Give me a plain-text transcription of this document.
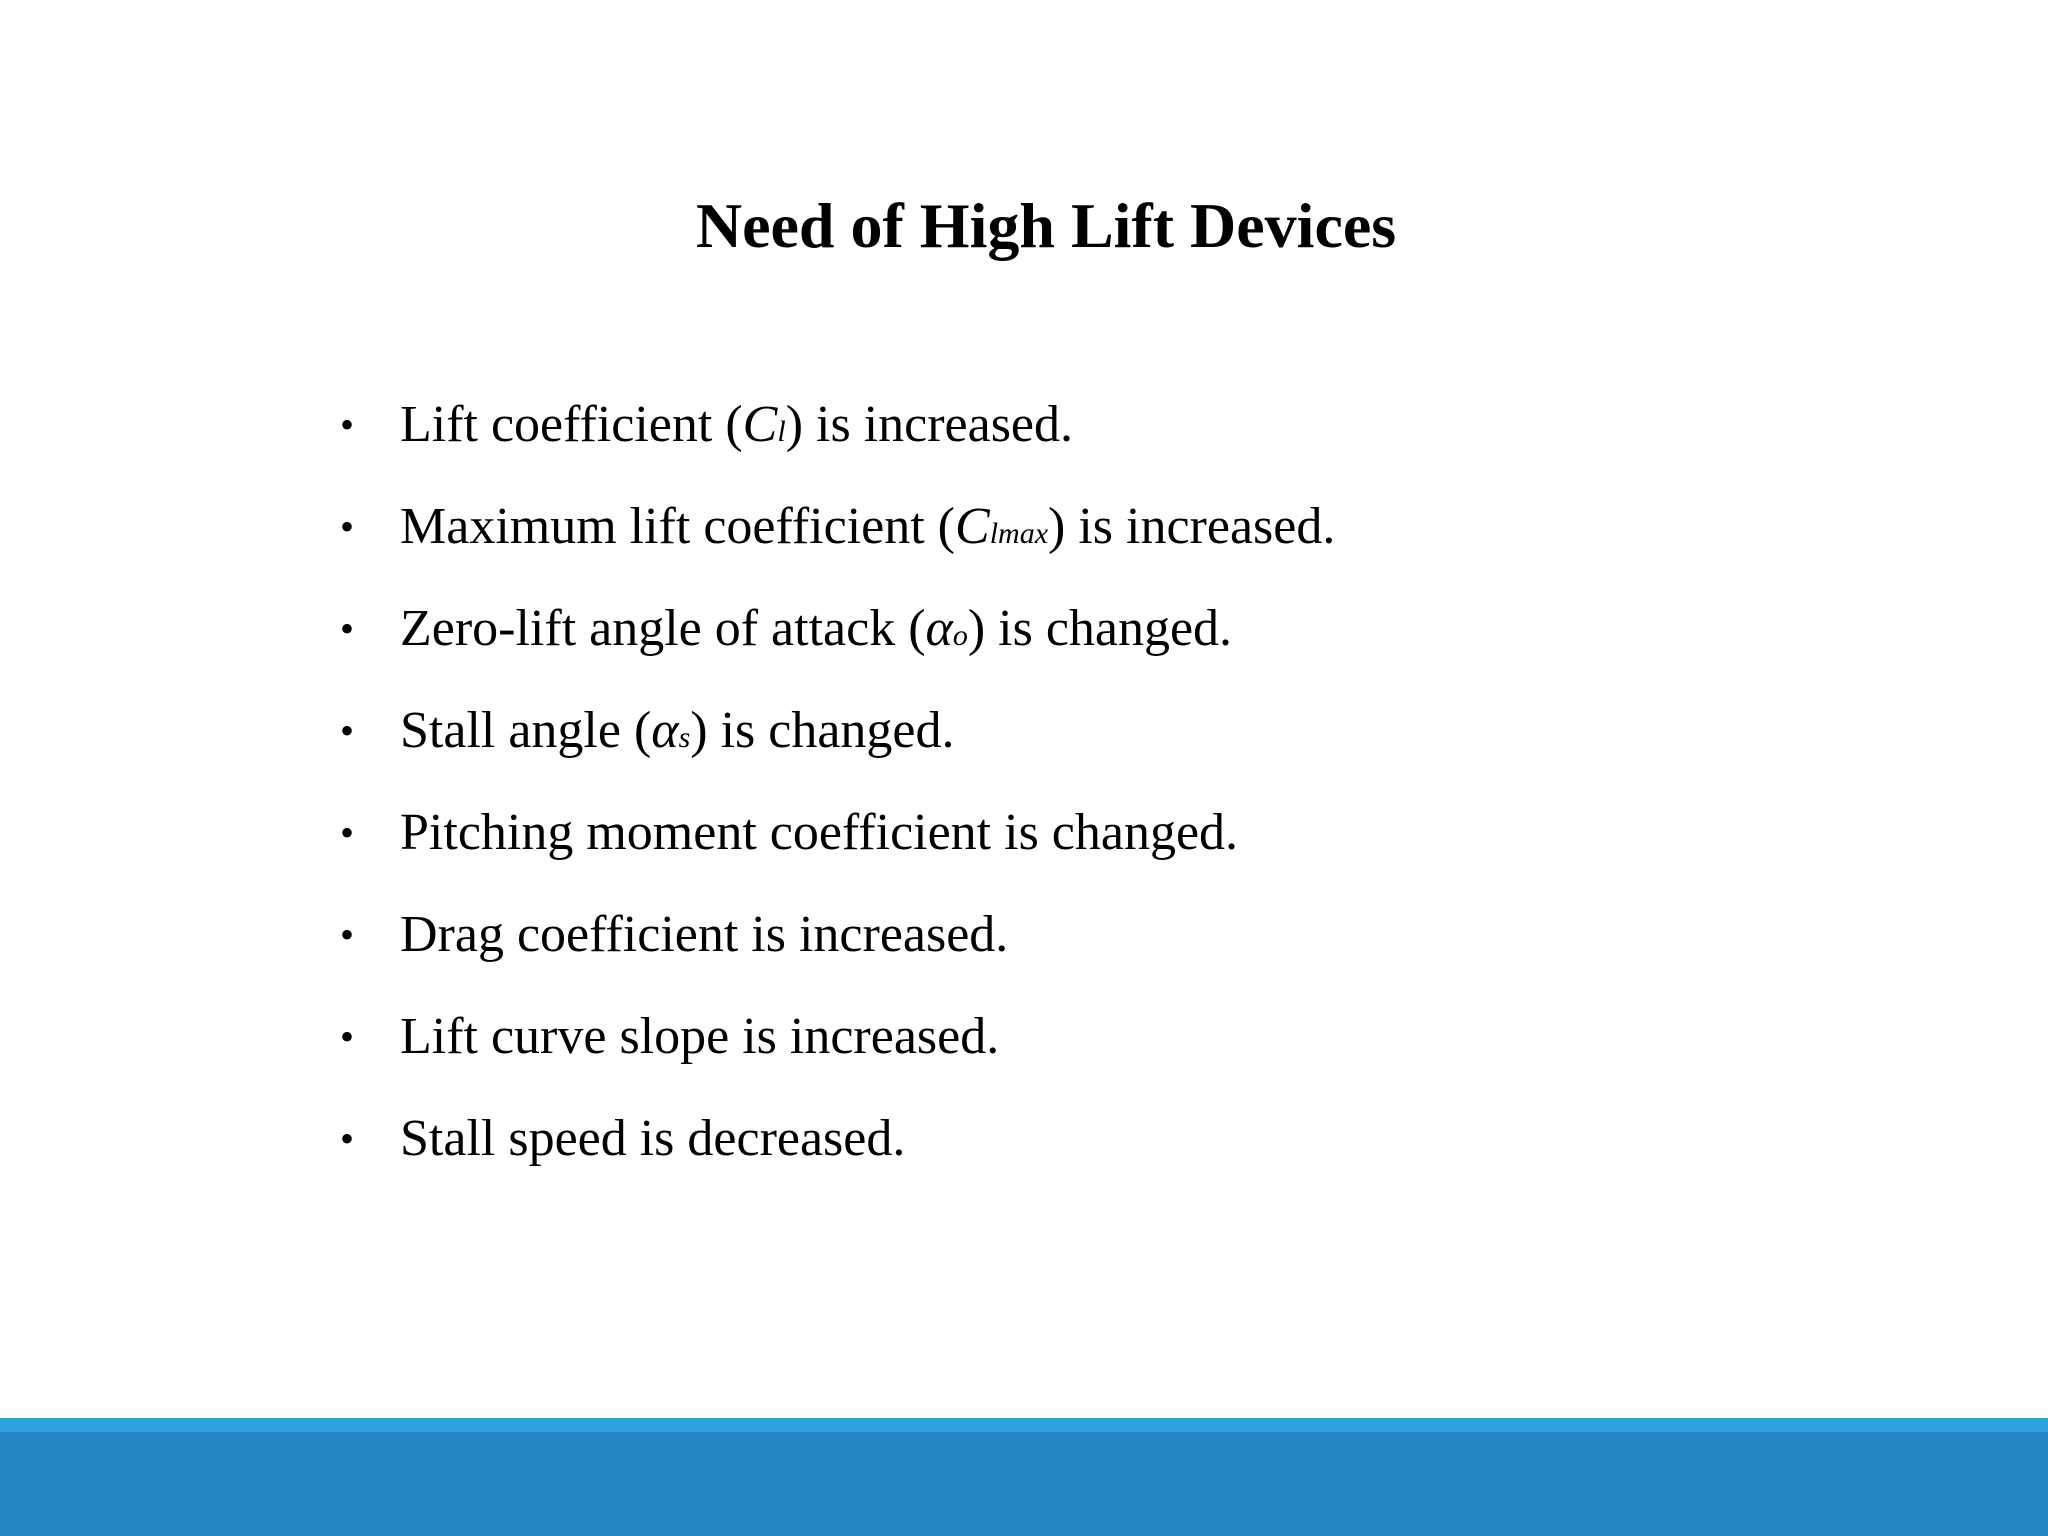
Need of High Lift Devices
• Lift coefficient (Cl) is increased.
• Maximum lift coefficient (Clmax) is increased.
• Zero-lift angle of attack (αo) is changed.
• Stall angle (αs) is changed.
• Pitching moment coefficient is changed.
• Drag coefficient is increased.
• Lift curve slope is increased.
• Stall speed is decreased.
